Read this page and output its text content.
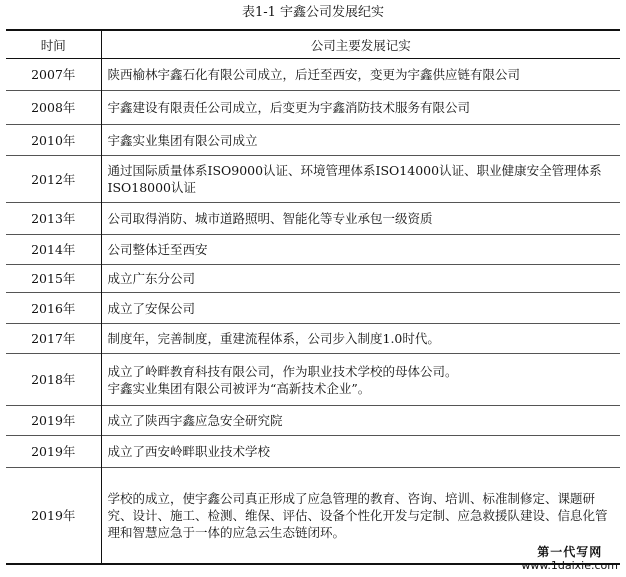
表1-1 宇鑫公司发展纪实
时间	公司主要发展记实
2007年	陕西榆林宇鑫石化有限公司成立，后迁至西安，变更为宇鑫供应链有限公司
2008年	宇鑫建设有限责任公司成立，后变更为宇鑫消防技术服务有限公司
2010年	宇鑫实业集团有限公司成立
2012年	通过国际质量体系ISO9000认证、环境管理体系ISO14000认证、职业健康安全管理体系ISO18000认证
2013年	公司取得消防、城市道路照明、智能化等专业承包一级资质
2014年	公司整体迁至西安
2015年	成立广东分公司
2016年	成立了安保公司
2017年	制度年，完善制度，重建流程体系，公司步入制度1.0时代。
2018年	成立了岭畔教育科技有限公司，作为职业技术学校的母体公司。
宇鑫实业集团有限公司被评为“高新技术企业”。

2019年	成立了陕西宇鑫应急安全研究院
2019年	成立了西安岭畔职业技术学校
2019年	学校的成立，使宇鑫公司真正形成了应急管理的教育、咨询、培训、标准制修定、课题研究、设计、施工、检测、维保、评估、设备个性化开发与定制、应急救援队建设、信息化管理和智慧应急于一体的应急云生态链闭环。
第一代写网
www.1daixie.com
